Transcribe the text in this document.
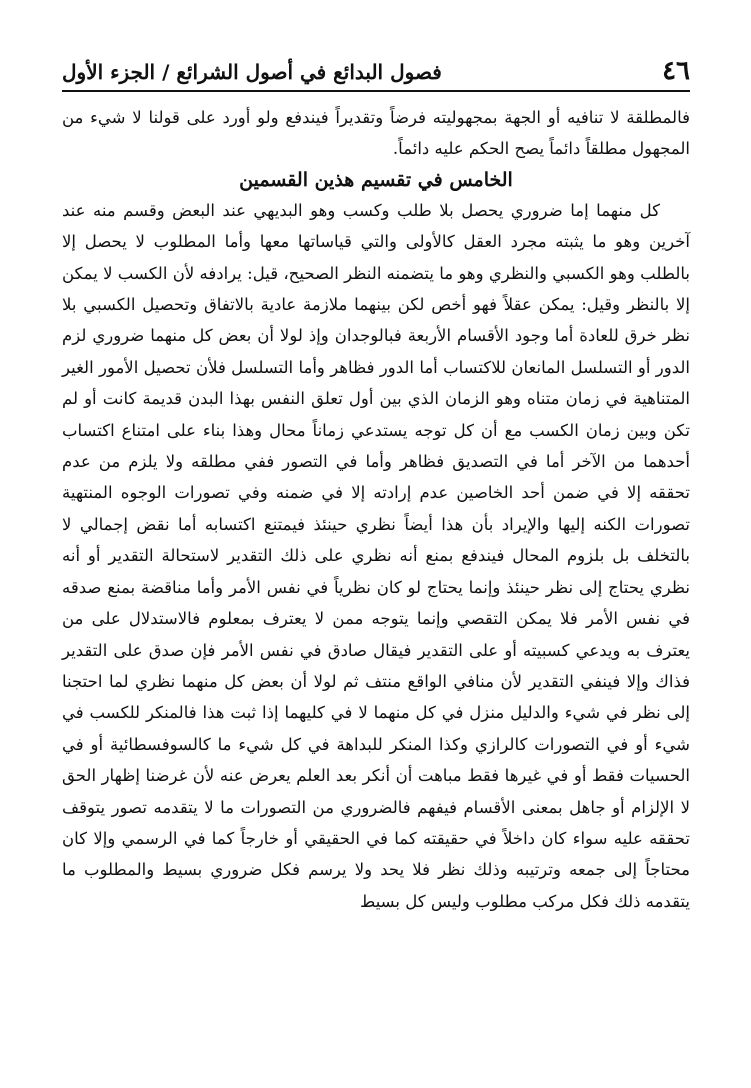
٤٦
فصول البدائع في أصول الشرائع / الجزء الأول

فالمطلقة لا تنافيه أو الجهة بمجهوليته فرضاً وتقديراً فيندفع ولو أورد على قولنا لا شيء من المجهول مطلقاً دائماً يصح الحكم عليه دائماً.

الخامس في تقسيم هذين القسمين

كل منهما إما ضروري يحصل بلا طلب وكسب وهو البديهي عند البعض وقسم منه عند آخرين وهو ما يثبته مجرد العقل كالأولى والتي قياساتها معها وأما المطلوب لا يحصل إلا بالطلب وهو الكسبي والنظري وهو ما يتضمنه النظر الصحيح، قيل: يرادفه لأن الكسب لا يمكن إلا بالنظر وقيل: يمكن عقلاً فهو أخص لكن بينهما ملازمة عادية بالاتفاق وتحصيل الكسبي بلا نظر خرق للعادة أما وجود الأقسام الأربعة فبالوجدان وإذ لولا أن بعض كل منهما ضروري لزم الدور أو التسلسل المانعان للاكتساب أما الدور فظاهر وأما التسلسل فلأن تحصيل الأمور الغير المتناهية في زمان متناه وهو الزمان الذي بين أول تعلق النفس بهذا البدن قديمة كانت أو لم تكن وبين زمان الكسب مع أن كل توجه يستدعي زماناً محال وهذا بناء على امتناع اكتساب أحدهما من الآخر أما في التصديق فظاهر وأما في التصور ففي مطلقه ولا يلزم من عدم تحققه إلا في ضمن أحد الخاصين عدم إرادته إلا في ضمنه وفي تصورات الوجوه المنتهية تصورات الكنه إليها والإيراد بأن هذا أيضاً نظري حينئذ فيمتنع اكتسابه أما نقض إجمالي لا بالتخلف بل بلزوم المحال فيندفع بمنع أنه نظري على ذلك التقدير لاستحالة التقدير أو أنه نظري يحتاج إلى نظر حينئذ وإنما يحتاج لو كان نظرياً في نفس الأمر وأما مناقضة بمنع صدقه في نفس الأمر فلا يمكن التقصي وإنما يتوجه ممن لا يعترف بمعلوم فالاستدلال على من يعترف به ويدعي كسبيته أو على التقدير فيقال صادق في نفس الأمر فإن صدق على التقدير فذاك وإلا فينفي التقدير لأن منافي الواقع منتف ثم لولا أن بعض كل منهما نظري لما احتجنا إلى نظر في شيء والدليل منزل في كل منهما لا في كليهما إذا ثبت هذا فالمنكر للكسب في شيء أو في التصورات كالرازي وكذا المنكر للبداهة في كل شيء ما كالسوفسطائية أو في الحسيات فقط أو في غيرها فقط مباهت أن أنكر بعد العلم يعرض عنه لأن غرضنا إظهار الحق لا الإلزام أو جاهل بمعنى الأقسام فيفهم فالضروري من التصورات ما لا يتقدمه تصور يتوقف تحققه عليه سواء كان داخلاً في حقيقته كما في الحقيقي أو خارجاً كما في الرسمي وإلا كان محتاجاً إلى جمعه وترتيبه وذلك نظر فلا يحد ولا يرسم فكل ضروري بسيط والمطلوب ما يتقدمه ذلك فكل مركب مطلوب وليس كل بسيط
